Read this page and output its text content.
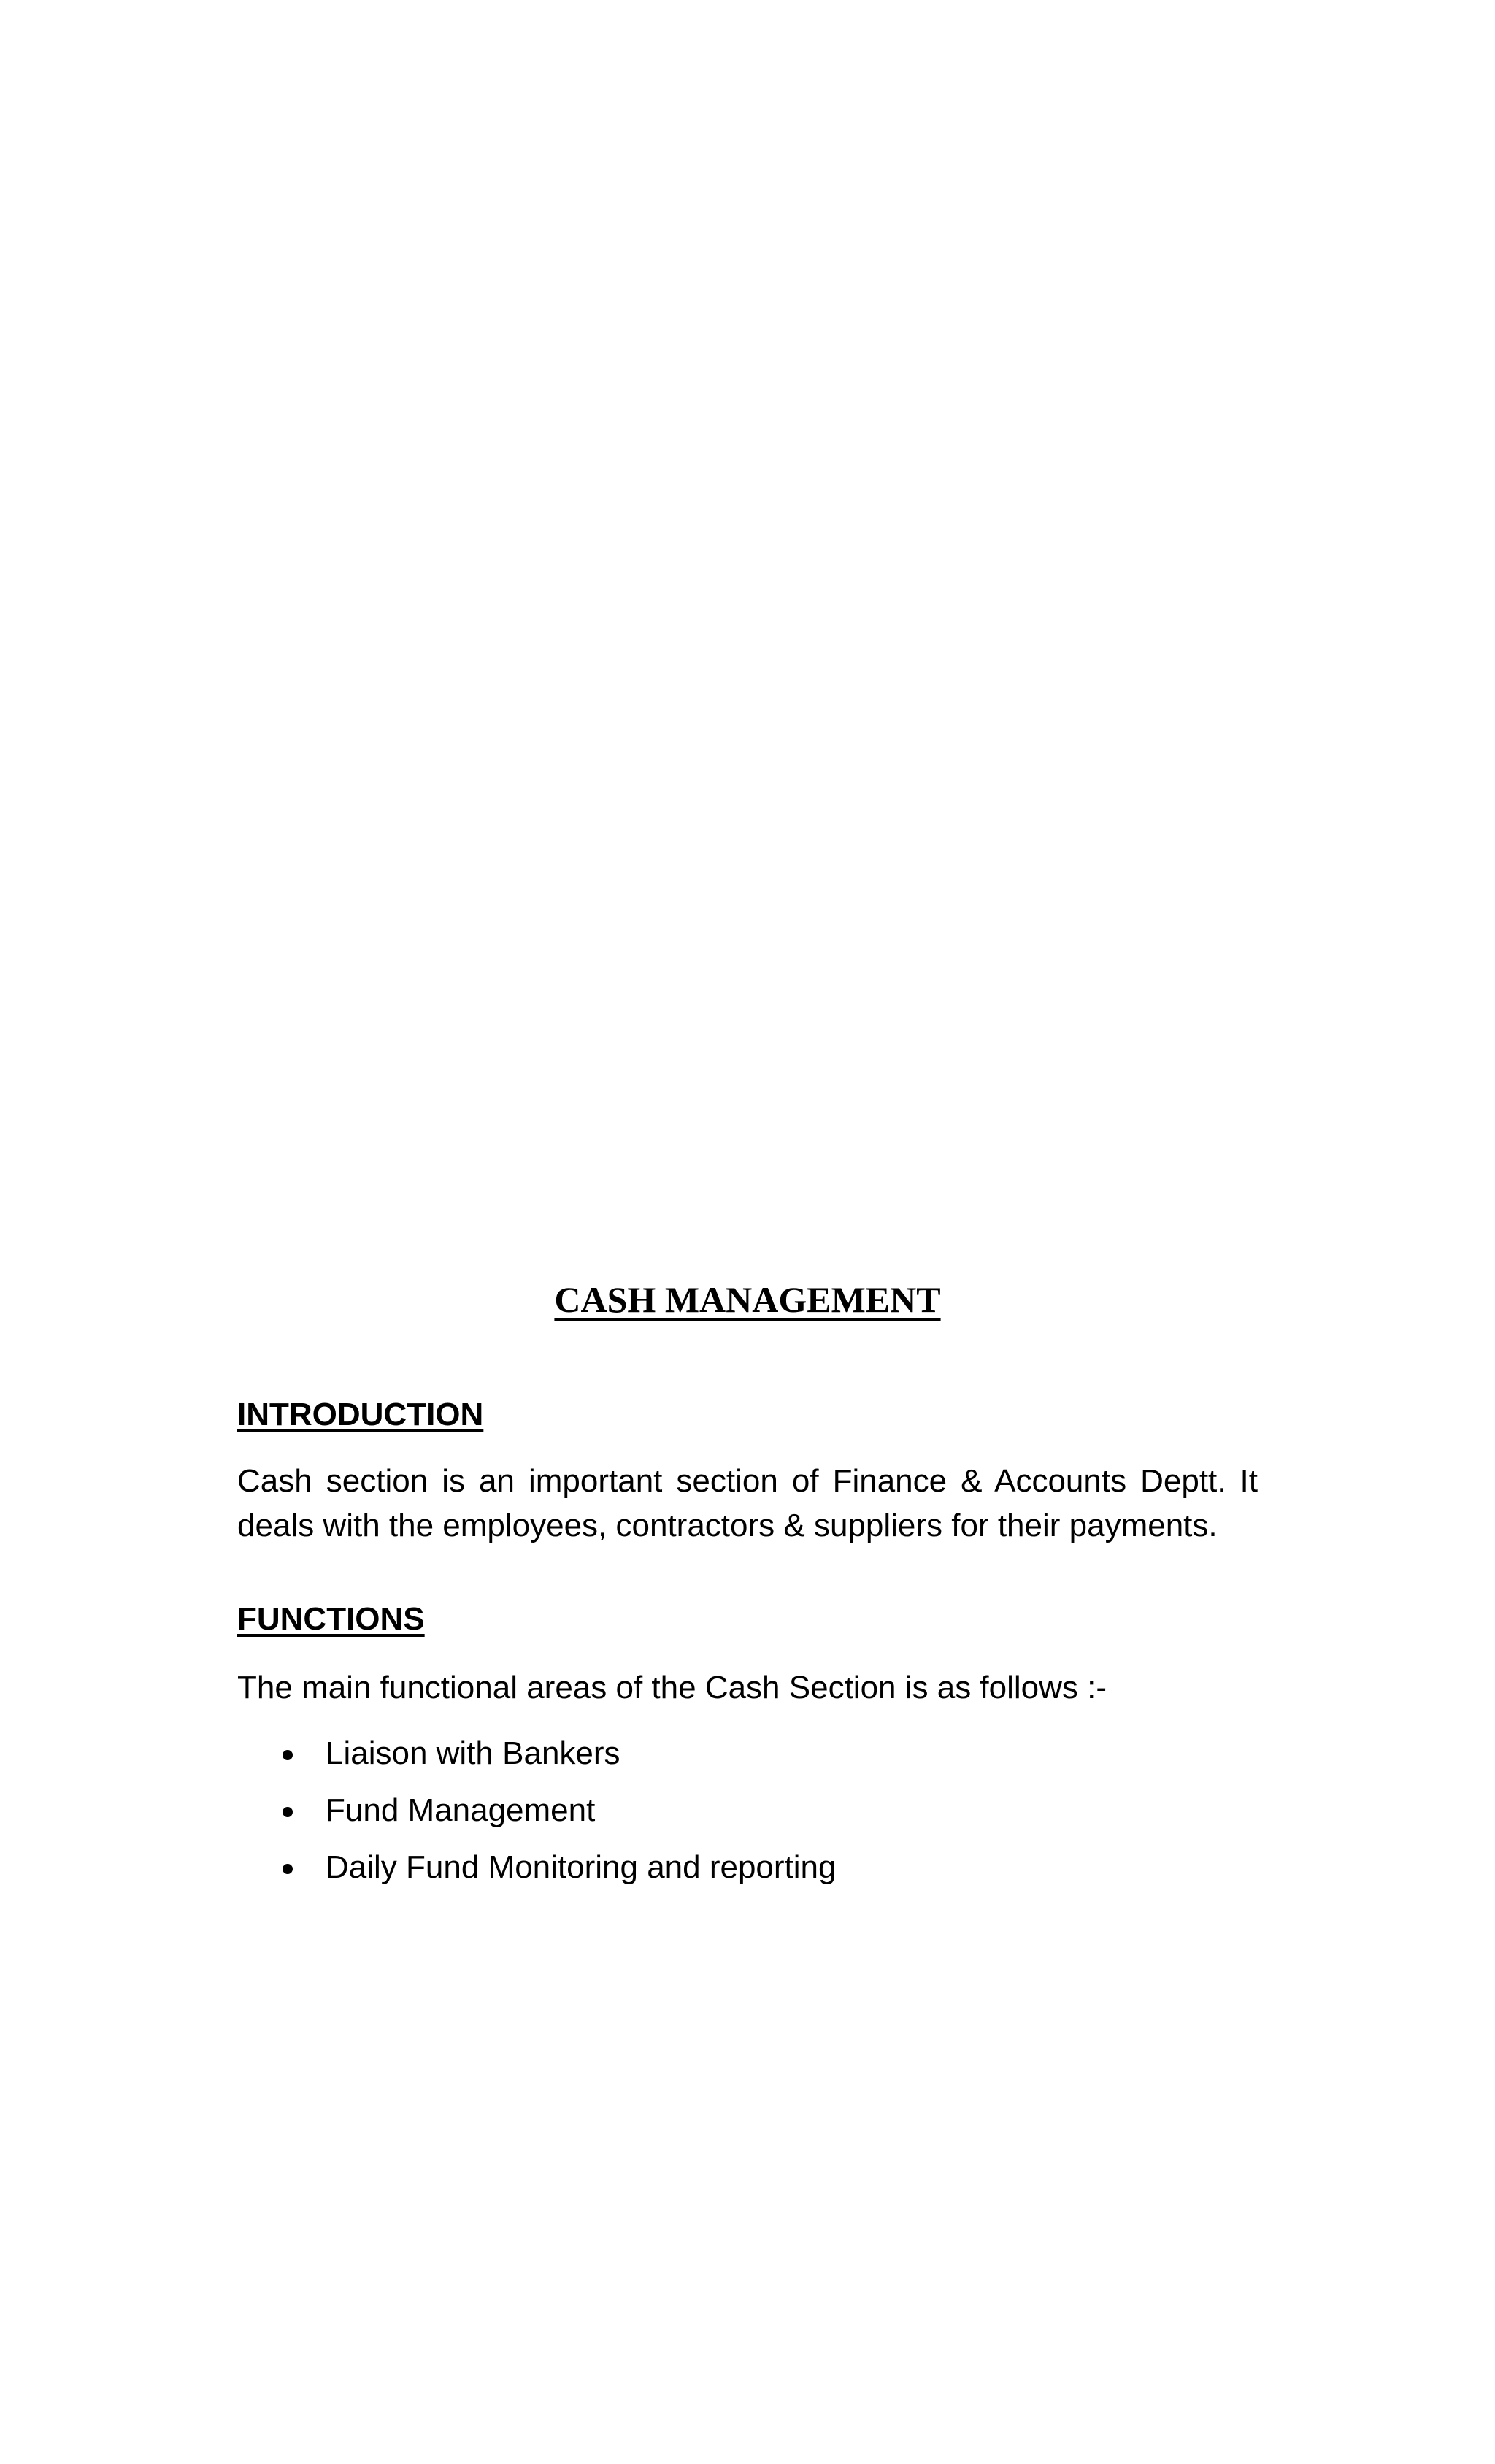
CASH MANAGEMENT
INTRODUCTION

Cash section is an important section of Finance & Accounts Deptt. It deals with the employees, contractors & suppliers for their payments.

FUNCTIONS

The main functional areas of the Cash Section is as follows :-

Liaison with Bankers
Fund Management
Daily Fund Monitoring and reporting
